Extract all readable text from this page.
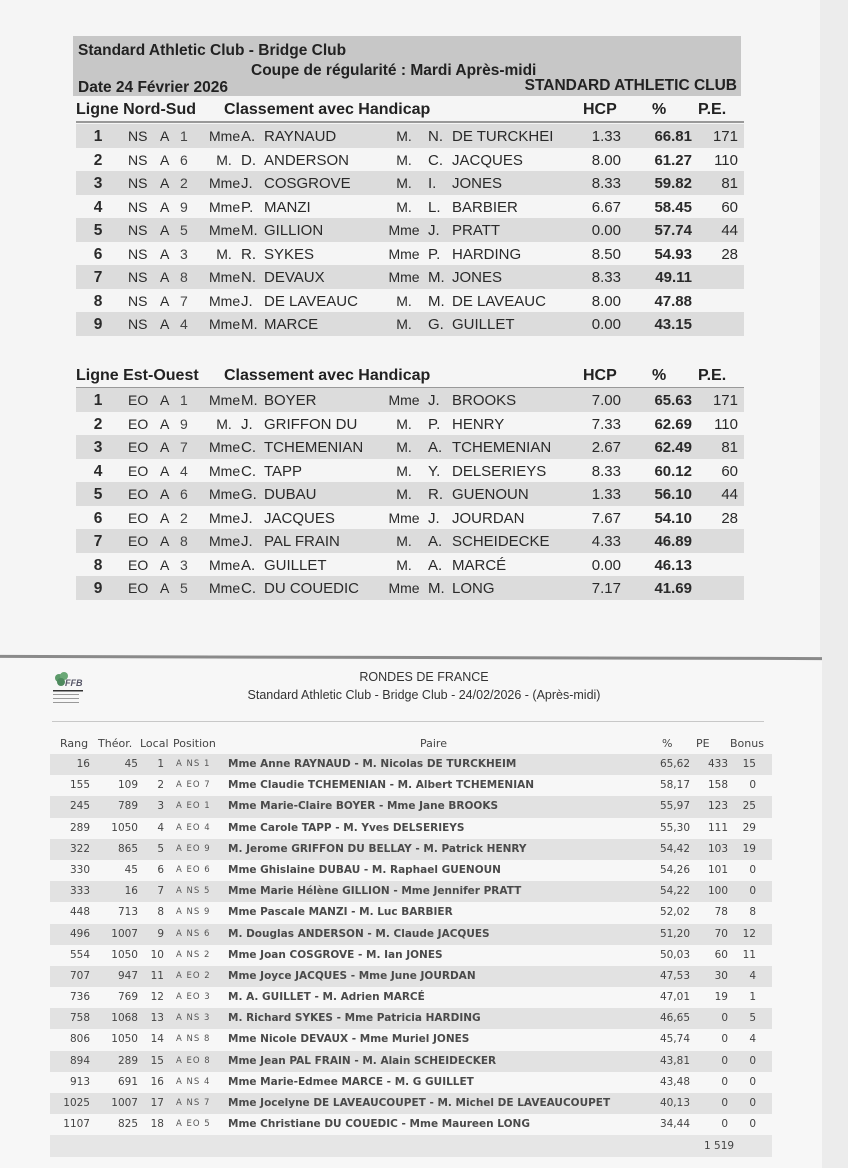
Standard Athletic Club - Bridge Club
Coupe de régularité : Mardi Après-midi
Date 24 Février 2026	STANDARD ATHLETIC CLUB
Ligne Nord-Sud Classement avec Handicap	HCP % P.E.
1 NS A 1 Mme A. RAYNAUD	M.	N. DE TURCKHEI	1.33	66.81	171
2 NS A 6	M. D. ANDERSON	M.	C. JACQUES	8.00	61.27	110
3 NS A 2 Mme J. COSGROVE	M.	I. JONES	8.33	59.82	81
4 NS A 9 Mme P. MANZI	M.	L. BARBIER	6.67	58.45	60
5 NS A 5 Mme M. GILLION	Mme J. PRATT	0.00	57.74	44
6 NS A 3	M. R. SYKES	Mme P. HARDING	8.50	54.93	28
7 NS A 8 Mme N. DEVAUX	Mme M. JONES	8.33	49.11
8 NS A 7 Mme J. DE LAVEAUC	M.	M. DE LAVEAUC	8.00	47.88
9 NS A 4 Mme M. MARCE	M.	G. GUILLET	0.00	43.15
Ligne Est-Ouest Classement avec Handicap	HCP % P.E.
1 EO A 1 Mme M. BOYER	Mme J. BROOKS	7.00	65.63	171
2 EO A 9	M. J. GRIFFON DU	M.	P. HENRY	7.33	62.69	110
3 EO A 7 Mme C. TCHEMENIAN	M.	A. TCHEMENIAN	2.67	62.49	81
4 EO A 4 Mme C. TAPP	M.	Y. DELSERIEYS	8.33	60.12	60
5 EO A 6 Mme G. DUBAU	M.	R. GUENOUN	1.33	56.10	44
6 EO A 2 Mme J. JACQUES	Mme J. JOURDAN	7.67	54.10	28
7 EO A 8 Mme J. PAL FRAIN	M.	A. SCHEIDECKE	4.33	46.89
8 EO A 3 Mme A. GUILLET	M.	A. MARCÉ	0.00	46.13
9 EO A 5 Mme C. DU COUEDIC	Mme M. LONG	7.17	41.69
FFB	RONDES DE FRANCE
Standard Athletic Club - Bridge Club - 24/02/2026 - (Après-midi)
Rang Théor. Local Position	Paire	% PE Bonus
16	45	1 A NS 1 Mme Anne RAYNAUD - M. Nicolas DE TURCKHEIM	65,62	433	15
155	109	2 A EO 7 Mme Claudie TCHEMENIAN - M. Albert TCHEMENIAN	58,17	158	0
245	789	3 A EO 1 Mme Marie-Claire BOYER - Mme Jane BROOKS	55,97	123	25
289	1050	4 A EO 4 Mme Carole TAPP - M. Yves DELSERIEYS	55,30	111	29
322	865	5 A EO 9 M. Jerome GRIFFON DU BELLAY - M. Patrick HENRY	54,42	103	19
330	45	6 A EO 6 Mme Ghislaine DUBAU - M. Raphael GUENOUN	54,26	101	0
333	16	7 A NS 5 Mme Marie Hélène GILLION - Mme Jennifer PRATT	54,22	100	0
448	713	8 A NS 9 Mme Pascale MANZI - M. Luc BARBIER	52,02	78	8
496	1007	9 A NS 6 M. Douglas ANDERSON - M. Claude JACQUES	51,20	70	12
554	1050	10 A NS 2 Mme Joan COSGROVE - M. Ian JONES	50,03	60	11
707	947	11 A EO 2 Mme Joyce JACQUES - Mme June JOURDAN	47,53	30	4
736	769	12 A EO 3 M. A. GUILLET - M. Adrien MARCÉ	47,01	19	1
758	1068	13 A NS 3 M. Richard SYKES - Mme Patricia HARDING	46,65	0	5
806	1050	14 A NS 8 Mme Nicole DEVAUX - Mme Muriel JONES	45,74	0	4
894	289	15 A EO 8 Mme Jean PAL FRAIN - M. Alain SCHEIDECKER	43,81	0	0
913	691	16 A NS 4 Mme Marie-Edmee MARCE - M. G GUILLET	43,48	0	0
1025	1007	17 A NS 7 Mme Jocelyne DE LAVEAUCOUPET - M. Michel DE LAVEAUCOUPET	40,13	0	0
1107	825	18 A EO 5 Mme Christiane DU COUEDIC - Mme Maureen LONG	34,44	0	0
1 519
